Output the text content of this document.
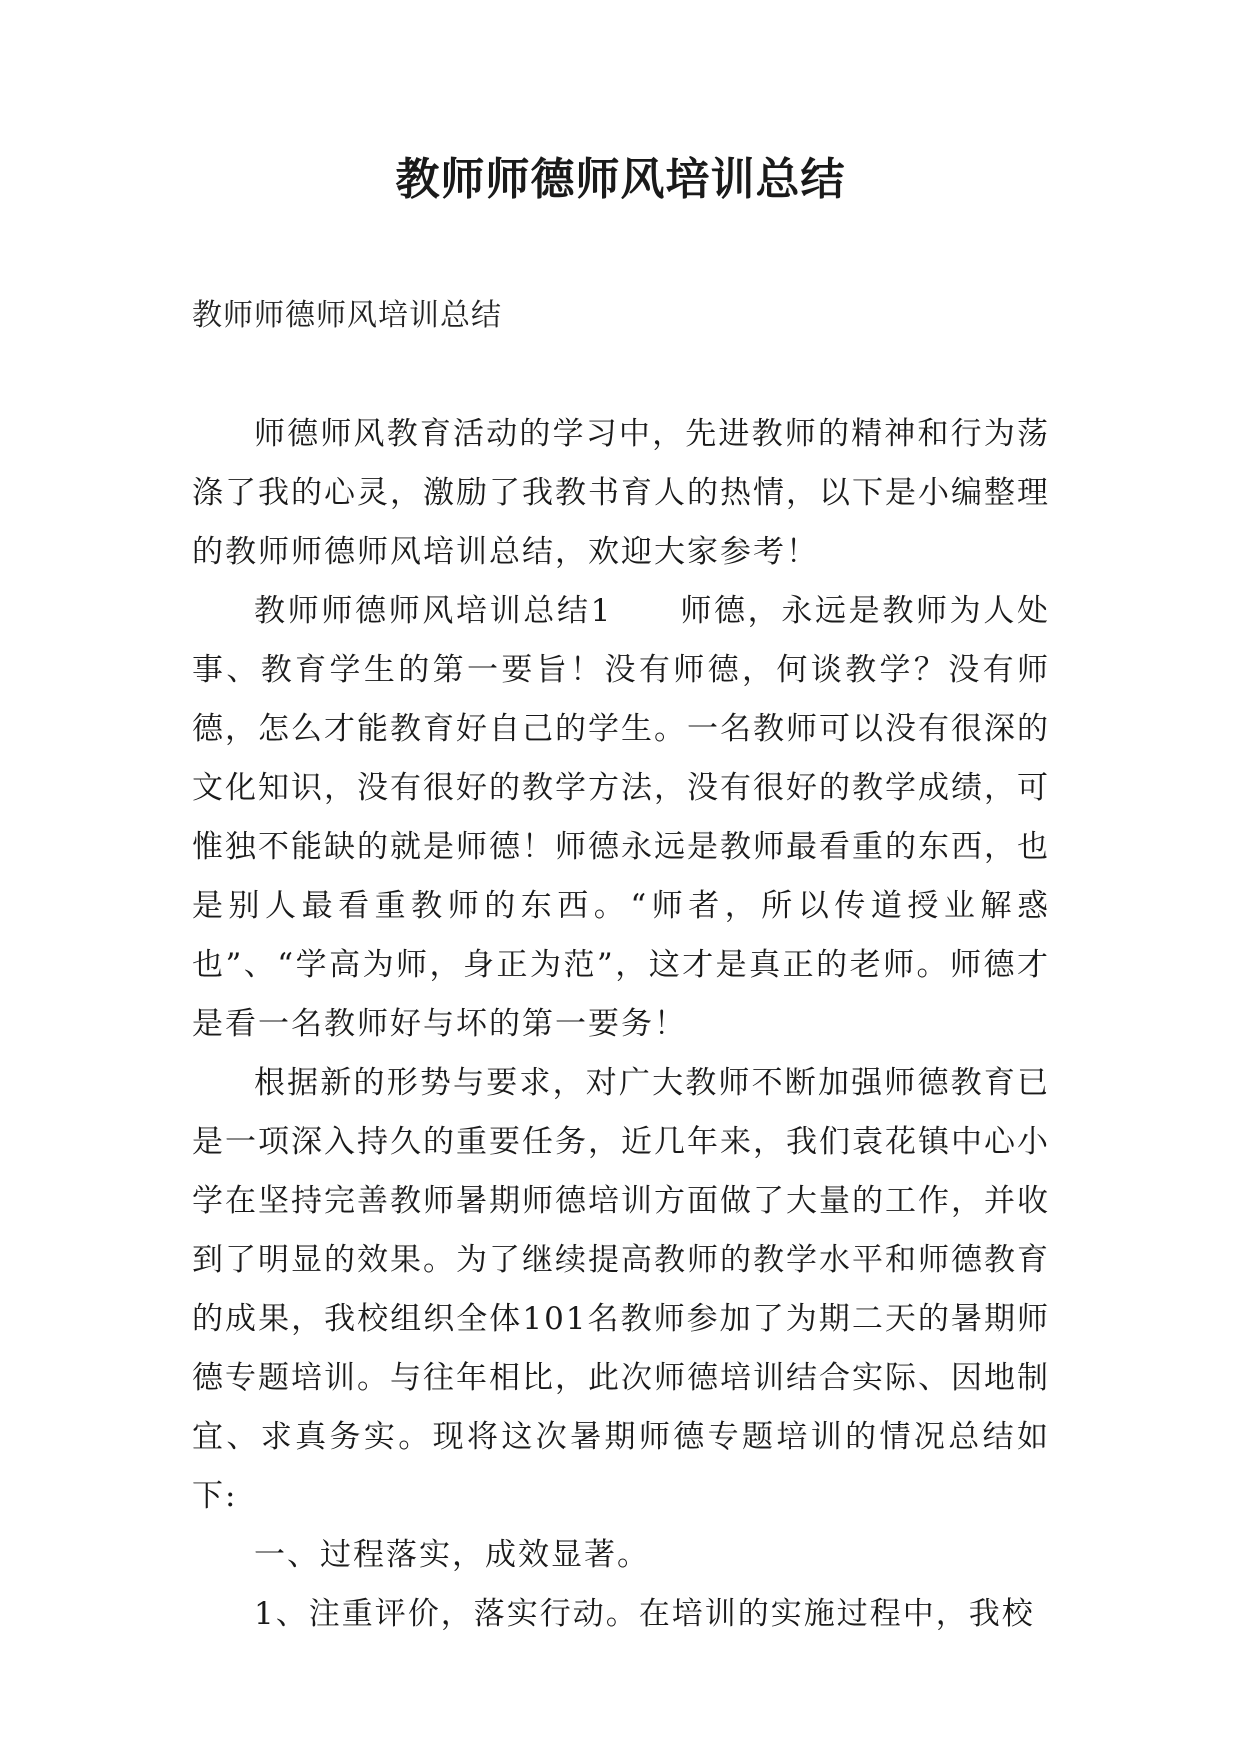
教师师德师风培训总结
教师师德师风培训总结

师德师风教育活动的学习中，先进教师的精神和行为荡涤了我的心灵，激励了我教书育人的热情，以下是小编整理的教师师德师风培训总结，欢迎大家参考！

教师师德师风培训总结1　　师德，永远是教师为人处事、教育学生的第一要旨！没有师德，何谈教学？没有师德，怎么才能教育好自己的学生。一名教师可以没有很深的文化知识，没有很好的教学方法，没有很好的教学成绩，可惟独不能缺的就是师德！师德永远是教师最看重的东西，也是别人最看重教师的东西。“师者，所以传道授业解惑也”、“学高为师，身正为范”，这才是真正的老师。师德才是看一名教师好与坏的第一要务！

根据新的形势与要求，对广大教师不断加强师德教育已是一项深入持久的重要任务，近几年来，我们袁花镇中心小学在坚持完善教师暑期师德培训方面做了大量的工作，并收到了明显的效果。为了继续提高教师的教学水平和师德教育的成果，我校组织全体101名教师参加了为期二天的暑期师德专题培训。与往年相比，此次师德培训结合实际、因地制宜、求真务实。现将这次暑期师德专题培训的情况总结如下:

一、过程落实，成效显著。

1、注重评价，落实行动。在培训的实施过程中，我校
